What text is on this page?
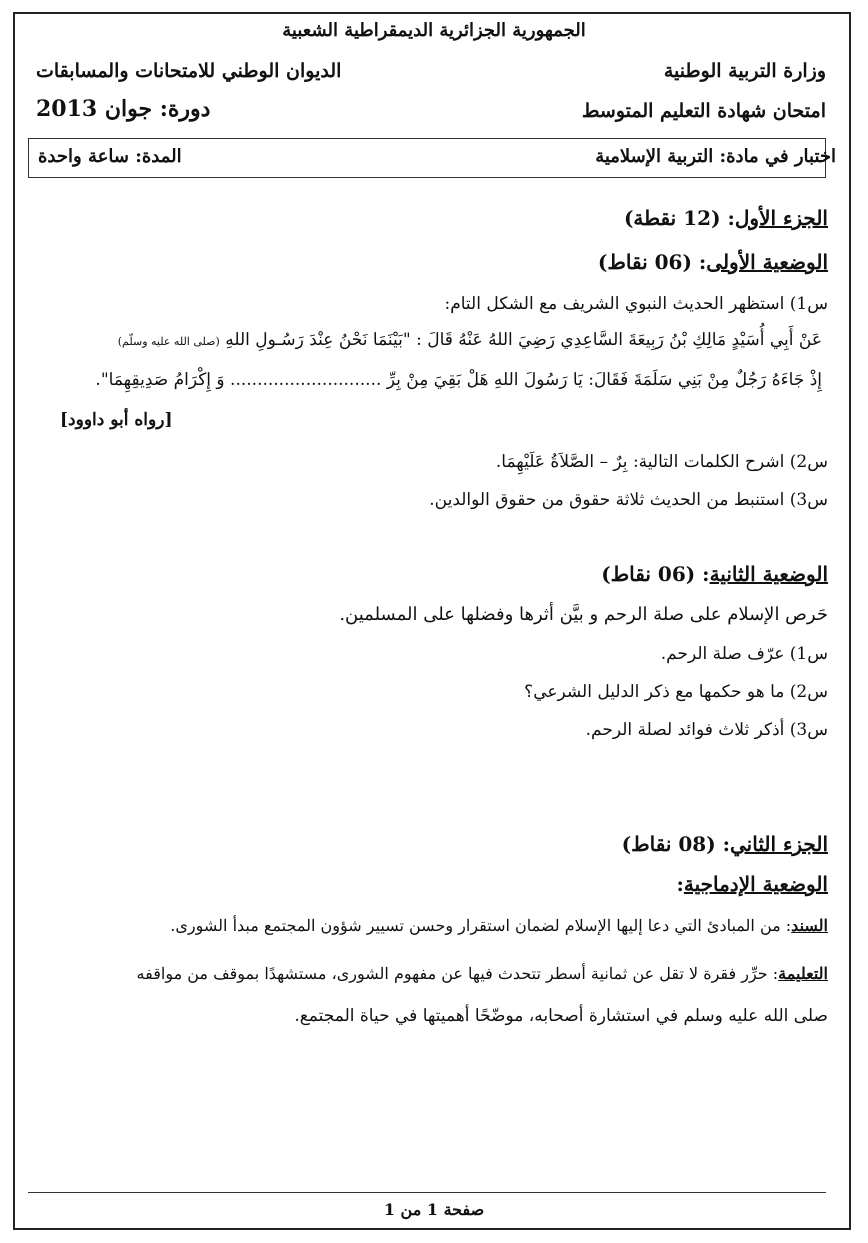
الجمهورية الجزائرية الديمقراطية الشعبية
وزارة التربية الوطنية
الديوان الوطني للامتحانات والمسابقات
امتحان شهادة التعليم المتوسط
دورة: جوان 2013
اختبار في مادة: التربية الإسلامية
المدة: ساعة واحدة
الجزء الأول: (12 نقطة)
الوضعية الأولى: (06 نقاط)
س1) استظهر الحديث النبوي الشريف مع الشكل التام:
عَنْ أَبِي أُسَيْدٍ مَالِكِ بْنُ رَبِيعَةَ السَّاعِدِي رَضِيَ اللهُ عَنْهُ قَالَ : "بَيْنَمَا نَحْنُ عِنْدَ رَسُـولِ اللهِ (صلى الله عليه وسلّم)
إِذْ جَاءَهُ رَجُلٌ مِنْ بَنِي سَلَمَةَ فَقَالَ: يَا رَسُولَ اللهِ هَلْ بَقِيَ مِنْ بِرِّ ............................ وَ إِكْرَامُ صَدِيقِهِمَا".
[رواه أبو داوود]
س2) اشرح الكلمات التالية: بِرٌ – الصَّلاَةُ عَلَيْهِمَا.
س3) استنبط من الحديث ثلاثة حقوق من حقوق الوالدين.
الوضعية الثانية: (06 نقاط)
حَرص الإسلام على صلة الرحم و بيَّن أثرها وفضلها على المسلمين.
س1) عرّف صلة الرحم.
س2) ما هو حكمها مع ذكر الدليل الشرعي؟
س3) أذكر ثلاث فوائد لصلة الرحم.
الجزء الثاني: (08 نقاط)
الوضعية الإدماجية:
السند: من المبادئ التي دعا إليها الإسلام لضمان استقرار وحسن تسيير شؤون المجتمع مبدأ الشورى.
التعليمة: حرِّر فقرة لا تقل عن ثمانية أسطر تتحدث فيها عن مفهوم الشورى، مستشهدًا بموقف من مواقفه
صلى الله عليه وسلم في استشارة أصحابه، موضّحًا أهميتها في حياة المجتمع.
صفحة 1 من 1
